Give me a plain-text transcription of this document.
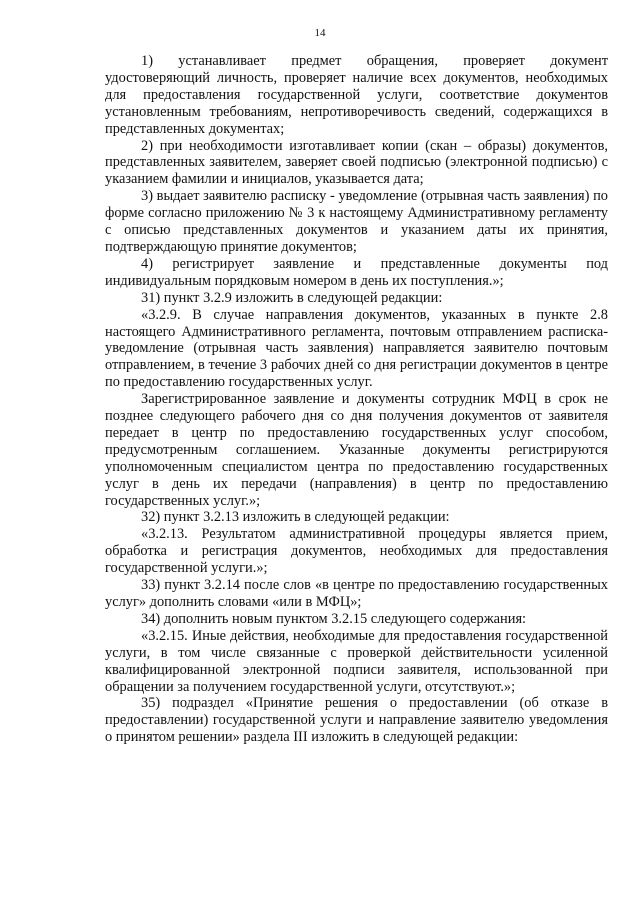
14

1) устанавливает предмет обращения, проверяет документ удостоверяющий личность, проверяет наличие всех документов, необходимых для предоставления государственной услуги, соответствие документов установленным требованиям, непротиворечивость сведений, содержащихся в представленных документах;

2) при необходимости изготавливает копии (скан – образы) документов, представленных заявителем, заверяет своей подписью (электронной подписью) с указанием фамилии и инициалов, указывается дата;

3) выдает заявителю расписку - уведомление (отрывная часть заявления) по форме согласно приложению № 3 к настоящему Административному регламенту с описью представленных документов и указанием даты их принятия, подтверждающую принятие документов;

4) регистрирует заявление и представленные документы под индивидуальным порядковым номером в день их поступления.»;

31) пункт 3.2.9 изложить в следующей редакции:

«3.2.9. В случае направления документов, указанных в пункте 2.8 настоящего Административного регламента, почтовым отправлением расписка-уведомление (отрывная часть заявления) направляется заявителю почтовым отправлением, в течение 3 рабочих дней со дня регистрации документов в центре по предоставлению государственных услуг.

Зарегистрированное заявление и документы сотрудник МФЦ в срок не позднее следующего рабочего дня со дня получения документов от заявителя передает в центр по предоставлению государственных услуг способом, предусмотренным соглашением. Указанные документы регистрируются уполномоченным специалистом центра по предоставлению государственных услуг в день их передачи (направления) в центр по предоставлению государственных услуг.»;

32) пункт 3.2.13 изложить в следующей редакции:

«3.2.13. Результатом административной процедуры является прием, обработка и регистрация документов, необходимых для предоставления государственной услуги.»;

33) пункт 3.2.14 после слов «в центре по предоставлению государственных услуг» дополнить словами «или в МФЦ»;

34) дополнить новым пунктом 3.2.15 следующего содержания:

«3.2.15. Иные действия, необходимые для предоставления государственной услуги, в том числе связанные с проверкой действительности усиленной квалифицированной электронной подписи заявителя, использованной при обращении за получением государственной услуги, отсутствуют.»;

35) подраздел «Принятие решения о предоставлении (об отказе в предоставлении) государственной услуги и направление заявителю уведомления о принятом решении» раздела III изложить в следующей редакции:
